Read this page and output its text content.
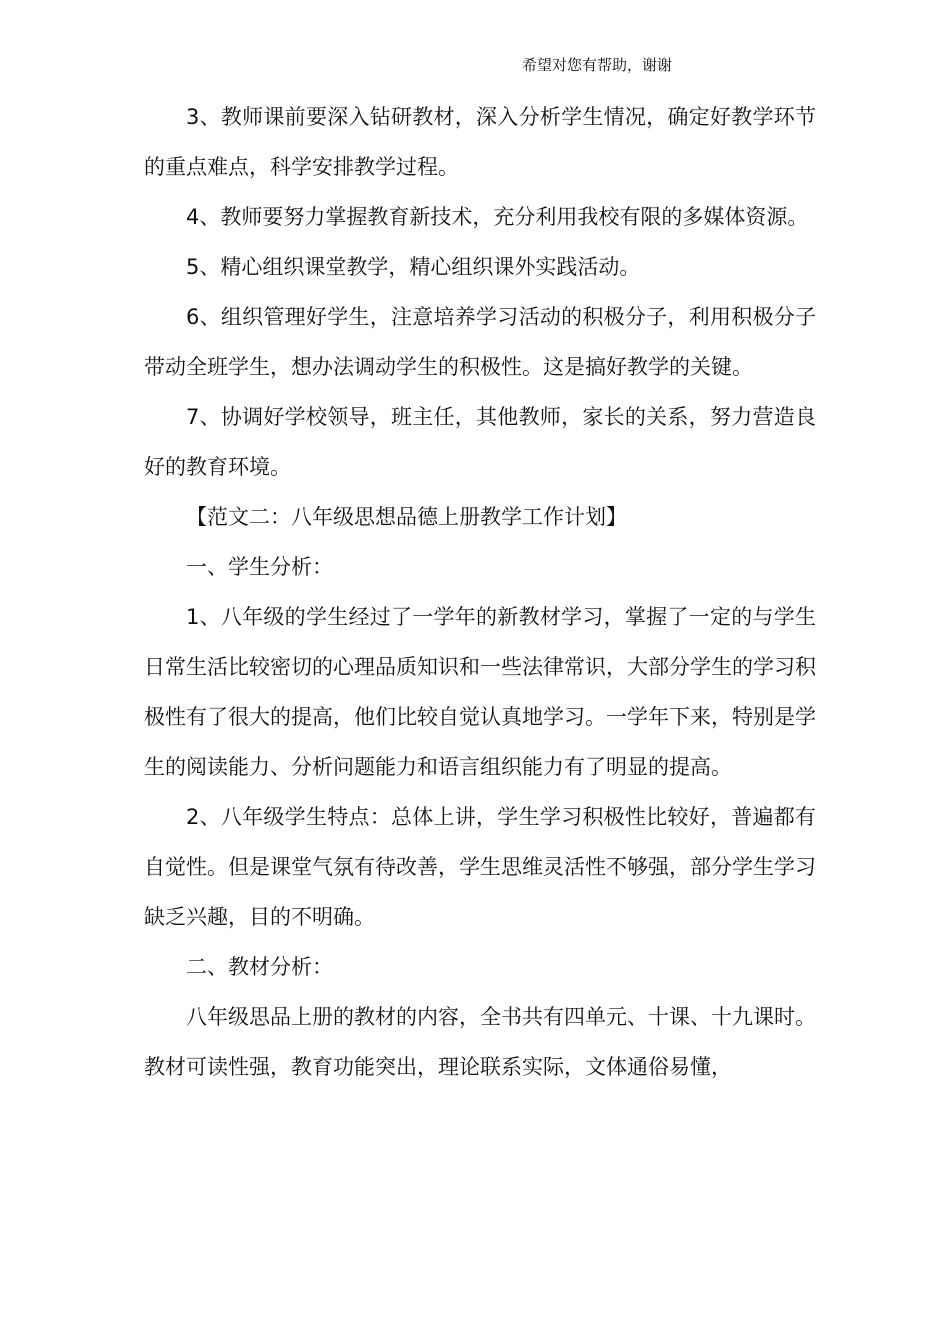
希望对您有帮助，谢谢

3、教师课前要深入钻研教材，深入分析学生情况，确定好教学环节的重点难点，科学安排教学过程。

4、教师要努力掌握教育新技术，充分利用我校有限的多媒体资源。

5、精心组织课堂教学，精心组织课外实践活动。

6、组织管理好学生，注意培养学习活动的积极分子，利用积极分子带动全班学生，想办法调动学生的积极性。这是搞好教学的关键。

7、协调好学校领导，班主任，其他教师，家长的关系，努力营造良好的教育环境。

【范文二：八年级思想品德上册教学工作计划】

一、学生分析：

1、八年级的学生经过了一学年的新教材学习，掌握了一定的与学生日常生活比较密切的心理品质知识和一些法律常识，大部分学生的学习积极性有了很大的提高，他们比较自觉认真地学习。一学年下来，特别是学生的阅读能力、分析问题能力和语言组织能力有了明显的提高。

2、八年级学生特点：总体上讲，学生学习积极性比较好，普遍都有自觉性。但是课堂气氛有待改善，学生思维灵活性不够强，部分学生学习缺乏兴趣，目的不明确。

二、教材分析：

八年级思品上册的教材的内容，全书共有四单元、十课、十九课时。教材可读性强，教育功能突出，理论联系实际，文体通俗易懂，
